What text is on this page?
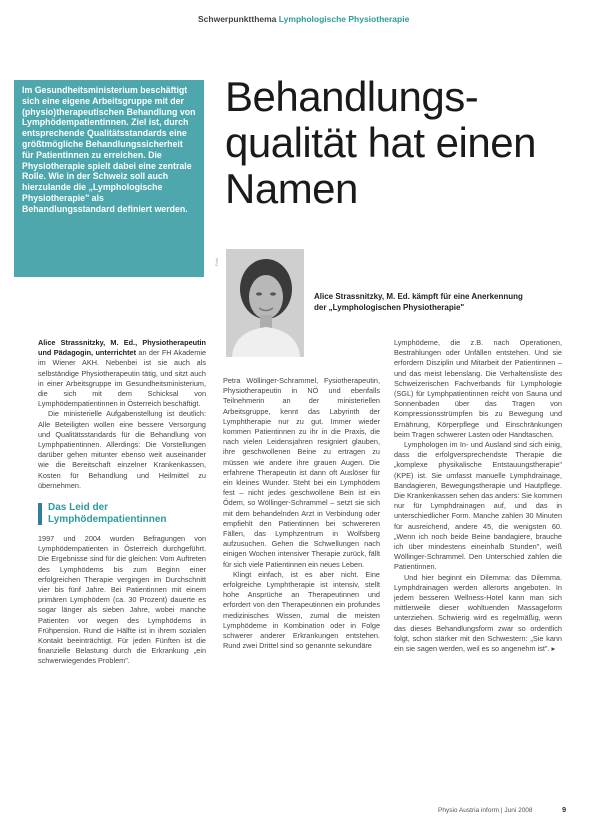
Schwerpunktthema Lymphologische Physiotherapie
Im Gesundheitsministerium beschäftigt sich eine eigene Arbeitsgruppe mit der (physio)therapeutischen Behandlung von Lymphödempatientinnen. Ziel ist, durch entsprechende Qualitätsstandards eine größtmögliche Behandlungssicherheit für Patientinnen zu erreichen. Die Physiotherapie spielt dabei eine zentrale Rolle. Wie in der Schweiz soll auch hierzulande die „Lymphologische Physiotherapie" als Behandlungsstandard definiert werden.
Behandlungs-qualität hat einen Namen
Foto
Alice Strassnitzky, M. Ed. kämpft für eine Anerkennung der „Lymphologischen Physiotherapie"

Alice Strassnitzky, M. Ed., Physiotherapeutin und Pädagogin, unterrichtet an der FH Akademie im Wiener AKH. Nebenbei ist sie auch als selbständige Physiotherapeutin tätig, und sitzt auch in einer Arbeitsgruppe im Gesundheitsministerium, die sich mit dem Schicksal von Lymphödempatientinnen in Österreich beschäftigt.

Die ministerielle Aufgabenstellung ist deutlich: Alle Beteiligten wollen eine bessere Versorgung und Qualitätsstandards für die Behandlung von Lymphpatientinnen. Allerdings: Die Vorstellungen darüber gehen mitunter ebenso weit auseinander wie die Bereitschaft einzelner Krankenkassen, Kosten für Behandlung und Heilmittel zu übernehmen.

Das Leid der Lymphödempatientinnen

1997 und 2004 wurden Befragungen von Lymphödempatienten in Österreich durchgeführt. Die Ergebnisse sind für die gleichen: Vom Auftreten des Lymphödems bis zum Beginn einer erfolgreichen Therapie vergingen im Durchschnitt vier bis fünf Jahre. Bei Patientinnen mit einem primären Lymphödem (ca. 30 Prozent) dauerte es sogar länger als sieben Jahre, wobei manche Patienten vor wegen des Lymphödems in Frühpension. Rund die Hälfte ist in ihrem sozialen Kontakt beeinträchtigt. Für jeden Fünften ist die finanzielle Belastung durch die Erkrankung „ein schwerwiegendes Problem".

Petra Wöllinger-Schrammel, Fysiotherapeutin, Physiotherapeutin in NÖ und ebenfalls Teilnehmerin an der ministeriellen Arbeitsgruppe, kennt das Labyrinth der Lymphtherapie nur zu gut. Immer wieder kommen Patientinnen zu ihr in die Praxis, die nach vielen Leidensjahren resigniert glauben, ihre geschwollenen Beine zu ertragen zu müssen wie andere ihre grauen Augen. Die erfahrene Therapeutin ist dann oft Auslöser für ein kleines Wunder. Steht bei ein Lymphödem fest – nicht jedes geschwollene Bein ist ein Ödem, so Wöllinger-Schrammel – setzt sie sich mit dem behandelnden Arzt in Verbindung oder empfiehlt den Patientinnen bei schwereren Fällen, das Lymphzentrum in Wolfsberg aufzusuchen. Gehen die Schwellungen nach einigen Wochen intensiver Therapie zurück, fällt für sich viele Patientinnen ein neues Leben.

Klingt einfach, ist es aber nicht. Eine erfolgreiche Lymphtherapie ist intensiv, stellt hohe Ansprüche an Therapeutinnen und erfordert von den Therapeutinnen ein profundes medizinisches Wissen, zumal die meisten Lymphödeme in Kombination oder in Folge schwerer anderer Erkrankungen entstehen. Rund zwei Drittel sind so genannte sekundäre

Lymphödeme, die z.B. nach Operationen, Bestrahlungen oder Unfällen entstehen. Und sie erfordern Disziplin und Mitarbeit der Patientinnen – und das meist lebenslang. Die Verhaltensliste des Schweizerischen Fachverbands für Lymphologie (SGL) für Lymphpatientinnen reicht von Sauna und Sonnenbaden über das Tragen von Kompressionsstrümpfen bis zu Bewegung und Ernährung, Körperpflege und Einschränkungen beim Tragen schwerer Lasten oder Handtaschen.

Lymphologen im In- und Ausland sind sich einig, dass die erfolgversprechendste Therapie die „komplexe physikalische Entstauungstherapie" (KPE) ist. Sie umfasst manuelle Lymphdrainage, Bandagieren, Bewegungstherapie und Hautpflege. Die Krankenkassen sehen das anders: Sie kommen nur für Lymphdrainagen auf, und das in unterschiedlicher Form. Manche zahlen 30 Minuten für ausreichend, andere 45, die wenigsten 60. „Wenn ich noch beide Beine bandagiere, brauche ich über mindestens eineinhalb Stunden", weiß Wöllinger-Schrammel. Den Unterschied zahlen die Patientinnen.

Und hier beginnt ein Dilemma: das Dilemma. Lymphdrainagen werden allerorts angeboten. In jedem besseren Wellness-Hotel kann man sich mittlerweile dieser wohltuenden Massageform unterziehen. Schwierig wird es regelmäßig, wenn das dieses Behandlungsform zwar so ordentlich folgt, schon stärker mit den Schwestern: „Sie kann ein sie sagen werden, weil es so angenehm ist". ▸

Physio Austria inform | Juni 2008	9
